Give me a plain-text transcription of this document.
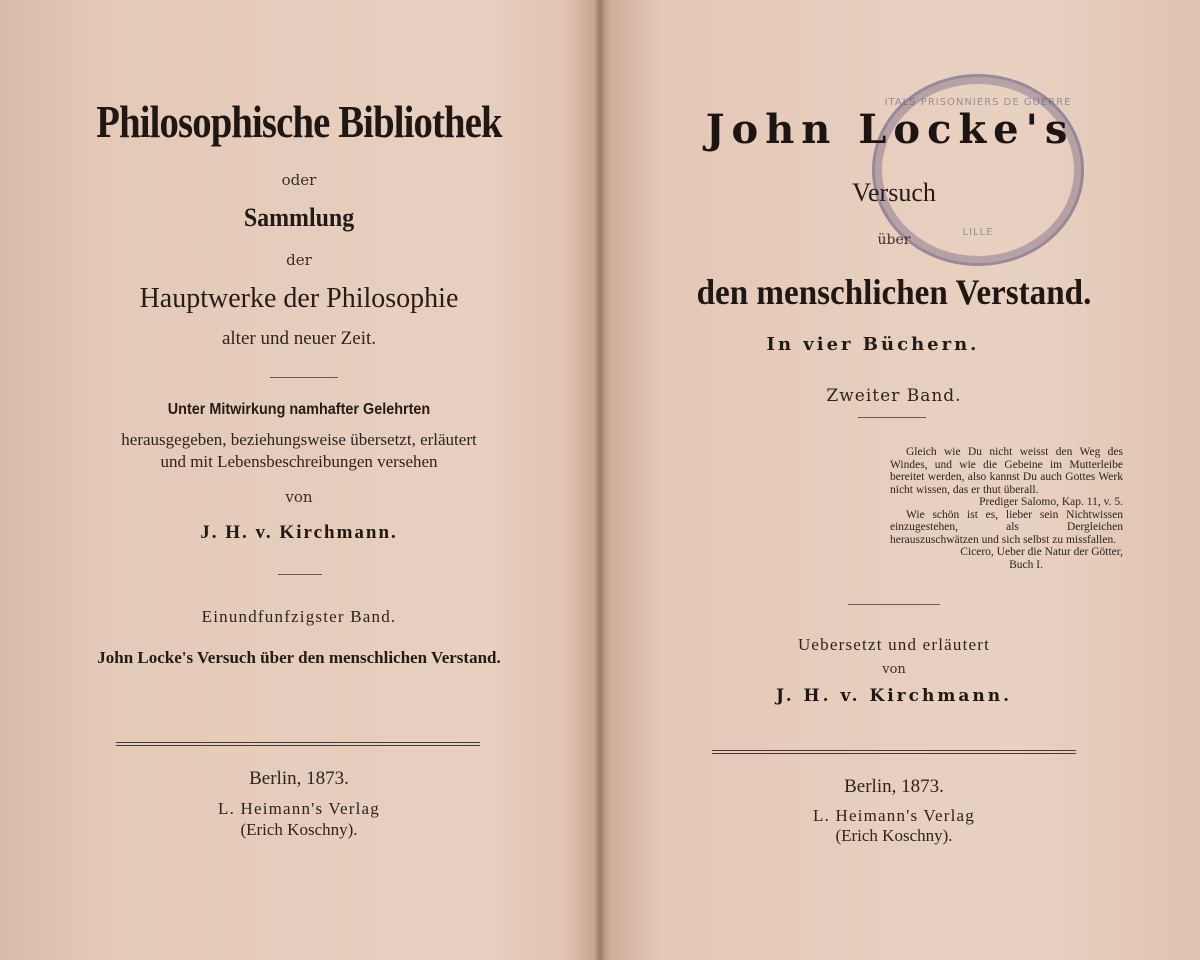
Philosophische Bibliothek
oder
Sammlung
der
Hauptwerke der Philosophie
alter und neuer Zeit.
Unter Mitwirkung namhafter Gelehrten
herausgegeben, beziehungsweise übersetzt, erläutert
und mit Lebensbeschreibungen versehen
von
J. H. v. Kirchmann.
Einundfunfzigster Band.
John Locke's Versuch über den menschlichen Verstand.
Berlin, 1873.
L. Heimann's Verlag
(Erich Koschny).
ITALS PRISONNIERS DE GUERRE
LILLE
John Locke's
Versuch
über
den menschlichen Verstand.
In vier Büchern.
Zweiter Band.

Gleich wie Du nicht weisst den Weg des Windes, und wie die Gebeine im Mutterleibe bereitet werden, also kannst Du auch Gottes Werk nicht wissen, das er thut überall.

Prediger Salomo, Kap. 11, v. 5.

Wie schön ist es, lieber sein Nichtwissen einzugestehen, als Dergleichen herauszuschwätzen und sich selbst zu missfallen.

Cicero, Ueber die Natur der Götter,

Buch I.

Uebersetzt und erläutert
von
J. H. v. Kirchmann.
Berlin, 1873.
L. Heimann's Verlag
(Erich Koschny).
